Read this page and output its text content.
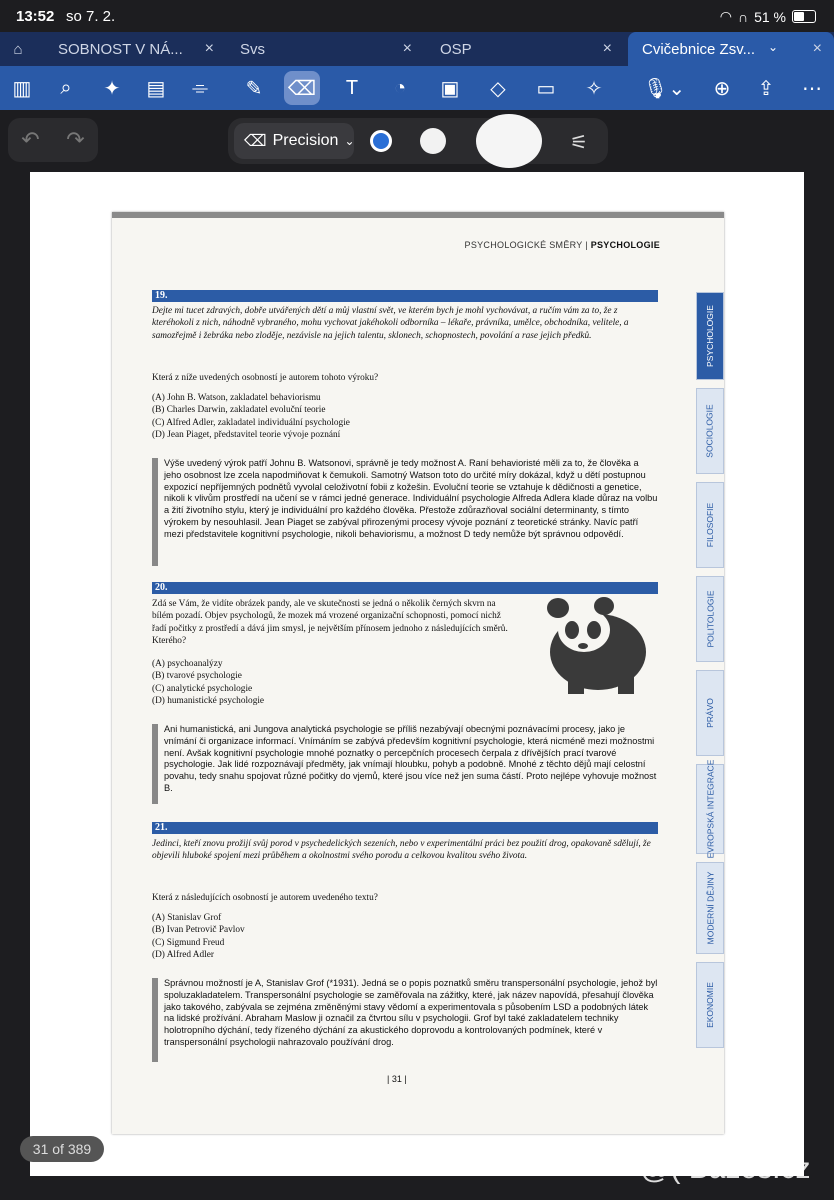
13:52 so 7. 2.	◠ ∩ 51 %
⌂	SOBNOST V NÁ... ×	Svs	×	OSP	×	Cvičebnice Zsv... ⌄ ×
▥	⌕	✦ ▤	⌯	✎ ⌫	T	◔	▣	◇	▭ ✧ 🎙⌄ ⊕ ⇪ ⋯
↶ ↷	⌫ Precision ⌄	⚟
PSYCHOLOGICKÉ SMĚRY | PSYCHOLOGIE
19.
Dejte mi tucet zdravých, dobře utvářených dětí a můj vlastní svět, ve kterém bych je mohl vychovávat, a ručím vám za to, že z kteréhokoli z nich, náhodně vybraného, mohu vychovat jakéhokoli odborníka – lékaře, právníka, umělce, obchodníka, velitele, a samozřejmě i žebráka nebo zloděje, nezávisle na jejich talentu, sklonech, schopnostech, povolání a rase jejich předků.
Která z níže uvedených osobností je autorem tohoto výroku?

(A) John B. Watson, zakladatel behaviorismu

(B) Charles Darwin, zakladatel evoluční teorie

(C) Alfred Adler, zakladatel individuální psychologie

(D) Jean Piaget, představitel teorie vývoje poznání

Výše uvedený výrok patří Johnu B. Watsonovi, správně je tedy možnost A. Raní behavioristé měli za to, že člověka a jeho osobnost lze zcela napodmiňovat k čemukoli. Samotný Watson toto do určité míry dokázal, když u dětí postupnou expozicí nepříjemných podnětů vyvolal celoživotní fobii z kožešin. Evoluční teorie se vztahuje k dědičnosti a genetice, nikoli k vlivům prostředí na učení se v rámci jedné generace. Individuální psychologie Alfreda Adlera klade důraz na volbu a žití životního stylu, který je individuální pro každého člověka. Přestože zdůrazňoval sociální determinanty, s tímto výrokem by nesouhlasil. Jean Piaget se zabýval přirozenými procesy vývoje poznání z teoretické stránky. Navíc patří mezi představitele kognitivní psychologie, nikoli behaviorismu, a možnost D tedy nemůže být správnou odpovědí.
20.
Zdá se Vám, že vidíte obrázek pandy, ale ve skutečnosti se jedná o několik černých skvrn na bílém pozadí. Objev psychologů, že mozek má vrozené organizační schopnosti, pomocí nichž řadí počitky z prostředí a dává jim smysl, je největším přínosem jednoho z následujících směrů. Kterého?

(A) psychoanalýzy

(B) tvarové psychologie

(C) analytické psychologie

(D) humanistické psychologie

Ani humanistická, ani Jungova analytická psychologie se příliš nezabývají obecnými poznávacími procesy, jako je vnímání či organizace informací. Vnímáním se zabývá především kognitivní psychologie, která nicméně mezi možnostmi není. Avšak kognitivní psychologie mnohé poznatky o percepčních procesech čerpala z dřívějších prací tvarové psychologie. Jak lidé rozpoznávají předměty, jak vnímají hloubku, pohyb a podobně. Mnohé z těchto dějů mají celostní povahu, tedy snahu spojovat různé počitky do vjemů, které jsou více než jen suma částí. Proto nejlépe vyhovuje možnost B.
21.
Jedinci, kteří znovu prožijí svůj porod v psychedelických sezeních, nebo v experimentální práci bez použití drog, opakovaně sdělují, že objevili hluboké spojení mezi průběhem a okolnostmi svého porodu a celkovou kvalitou svého života.
Která z následujících osobností je autorem uvedeného textu?

(A) Stanislav Grof

(B) Ivan Petrovič Pavlov

(C) Sigmund Freud

(D) Alfred Adler

Správnou možností je A, Stanislav Grof (*1931). Jedná se o popis poznatků směru transpersonální psychologie, jehož byl spoluzakladatelem. Transpersonální psychologie se zaměřovala na zážitky, které, jak název napovídá, přesahují člověka jako takového, zabývala se zejména změněnými stavy vědomí a experimentovala s působením LSD a podobných látek na lidské prožívání. Abraham Maslow ji označil za čtvrtou sílu v psychologii. Grof byl také zakladatelem techniky holotropního dýchání, tedy řízeného dýchání za akustického doprovodu a kontrolovaných podmínek, které v transpersonální psychologii nahrazovalo používání drog.
| 31 |
PSYCHOLOGIE
SOCIOLOGIE
FILOSOFIE
POLITOLOGIE
PRÁVO
EVROPSKÁ INTEGRACE
MODERNÍ DĚJINY
EKONOMIE
31 of 389
@( Bazos.cz
